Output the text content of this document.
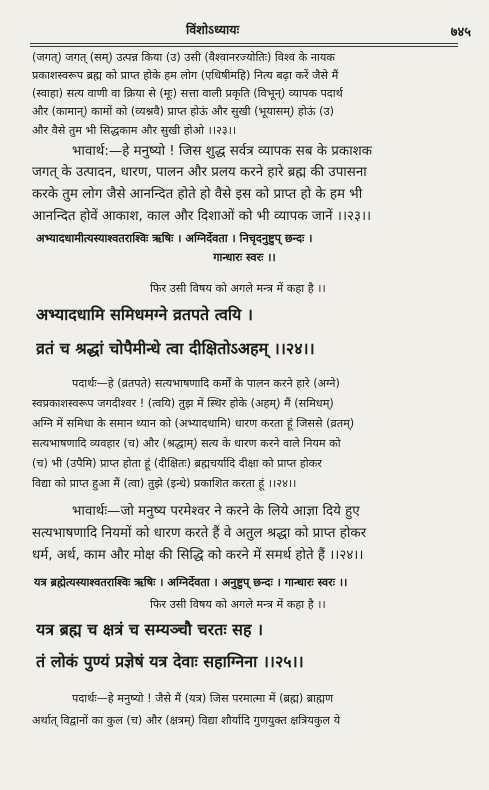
विंशोऽध्यायः	७४५
(जगत्) जगत् (सम्) उत्पन्न किया (उ) उसी (वैश्वानरज्योतिः) विश्व के नायक
प्रकाशस्वरूप ब्रह्म को प्राप्त होके हम लोग (एधिषीमहि) नित्य बढ़ा करें जैसे मैं
(स्वाहा) सत्य वाणी वा क्रिया से (मूः) सत्ता वाली प्रकृति (विभून्) व्यापक पदार्थ
और (कामान्) कामों को (व्यश्नवै) प्राप्त होऊं और सुखी (भूयासम्) होऊं (उ)
और वैसे तुम भी सिद्धकाम और सुखी होओ ।।२३।।
भावार्थ:—हे मनुष्यो ! जिस शुद्ध सर्वत्र व्यापक सब के प्रकाशक
जगत् के उत्पादन, धारण, पालन और प्रलय करने हारे ब्रह्म की उपासना
करके तुम लोग जैसे आनन्दित होते हो वैसे इस को प्राप्त हो के हम भी
आनन्दित होवें आकाश, काल और दिशाओं को भी व्यापक जानें ।।२३।।
अभ्यादधामीत्यस्याश्वतराश्विः ऋषिः । अग्निर्देवता । निचृदनुष्टुप् छन्दः ।
गान्धारः स्वरः ।।
फिर उसी विषय को अगले मन्त्र में कहा है ।।
अभ्यादधामि समिधमग्ने व्रतपते त्वयि ।
व्रतं च श्रद्धां चोपैमीन्धे त्वा दीक्षितोऽअहम् ।।२४।।
पदार्थः—हे (व्रतपते) सत्यभाषणादि कर्मों के पालन करने हारे (अग्ने)
स्वप्रकाशस्वरूप जगदीश्वर ! (त्वयि) तुझ में स्थिर होके (अहम्) मैं (समिधम्)
अग्नि में समिधा के समान ध्यान को (अभ्यादधामि) धारण करता हूं जिससे (व्रतम्)
सत्यभाषणादि व्यवहार (च) और (श्रद्धाम्) सत्य के धारण करने वाले नियम को
(च) भी (उपैमि) प्राप्त होता हूं (दीक्षितः) ब्रह्मचर्यादि दीक्षा को प्राप्त होकर
विद्या को प्राप्त हुआ मैं (त्वा) तुझे (इन्धे) प्रकाशित करता हूं ।।२४।।
भावार्थः—जो मनुष्य परमेश्वर ने करने के लिये आज्ञा दिये हुए
सत्यभाषणादि नियमों को धारण करते हैं वे अतुल श्रद्धा को प्राप्त होकर
धर्म, अर्थ, काम और मोक्ष की सिद्धि को करने में समर्थ होते हैं ।।२४।।
यत्र ब्रह्मेत्यस्याश्वतराश्विः ऋषिः । अग्निर्देवता । अनुष्टुप् छन्दः । गान्धारः स्वरः ।।
फिर उसी विषय को अगले मन्त्र में कहा है ।।
यत्र ब्रह्म च क्षत्रं च सम्यञ्चौ चरतः सह ।
तं लोकं पुण्यं प्रज्ञेषं यत्र देवाः सहाग्निना ।।२५।।
पदार्थः—हे मनुष्यो ! जैसे मैं (यत्र) जिस परमात्मा में (ब्रह्म) ब्राह्मण
अर्थात् विद्वानों का कुल (च) और (क्षत्रम्) विद्या शौर्यादि गुणयुक्त क्षत्रियकुल ये
